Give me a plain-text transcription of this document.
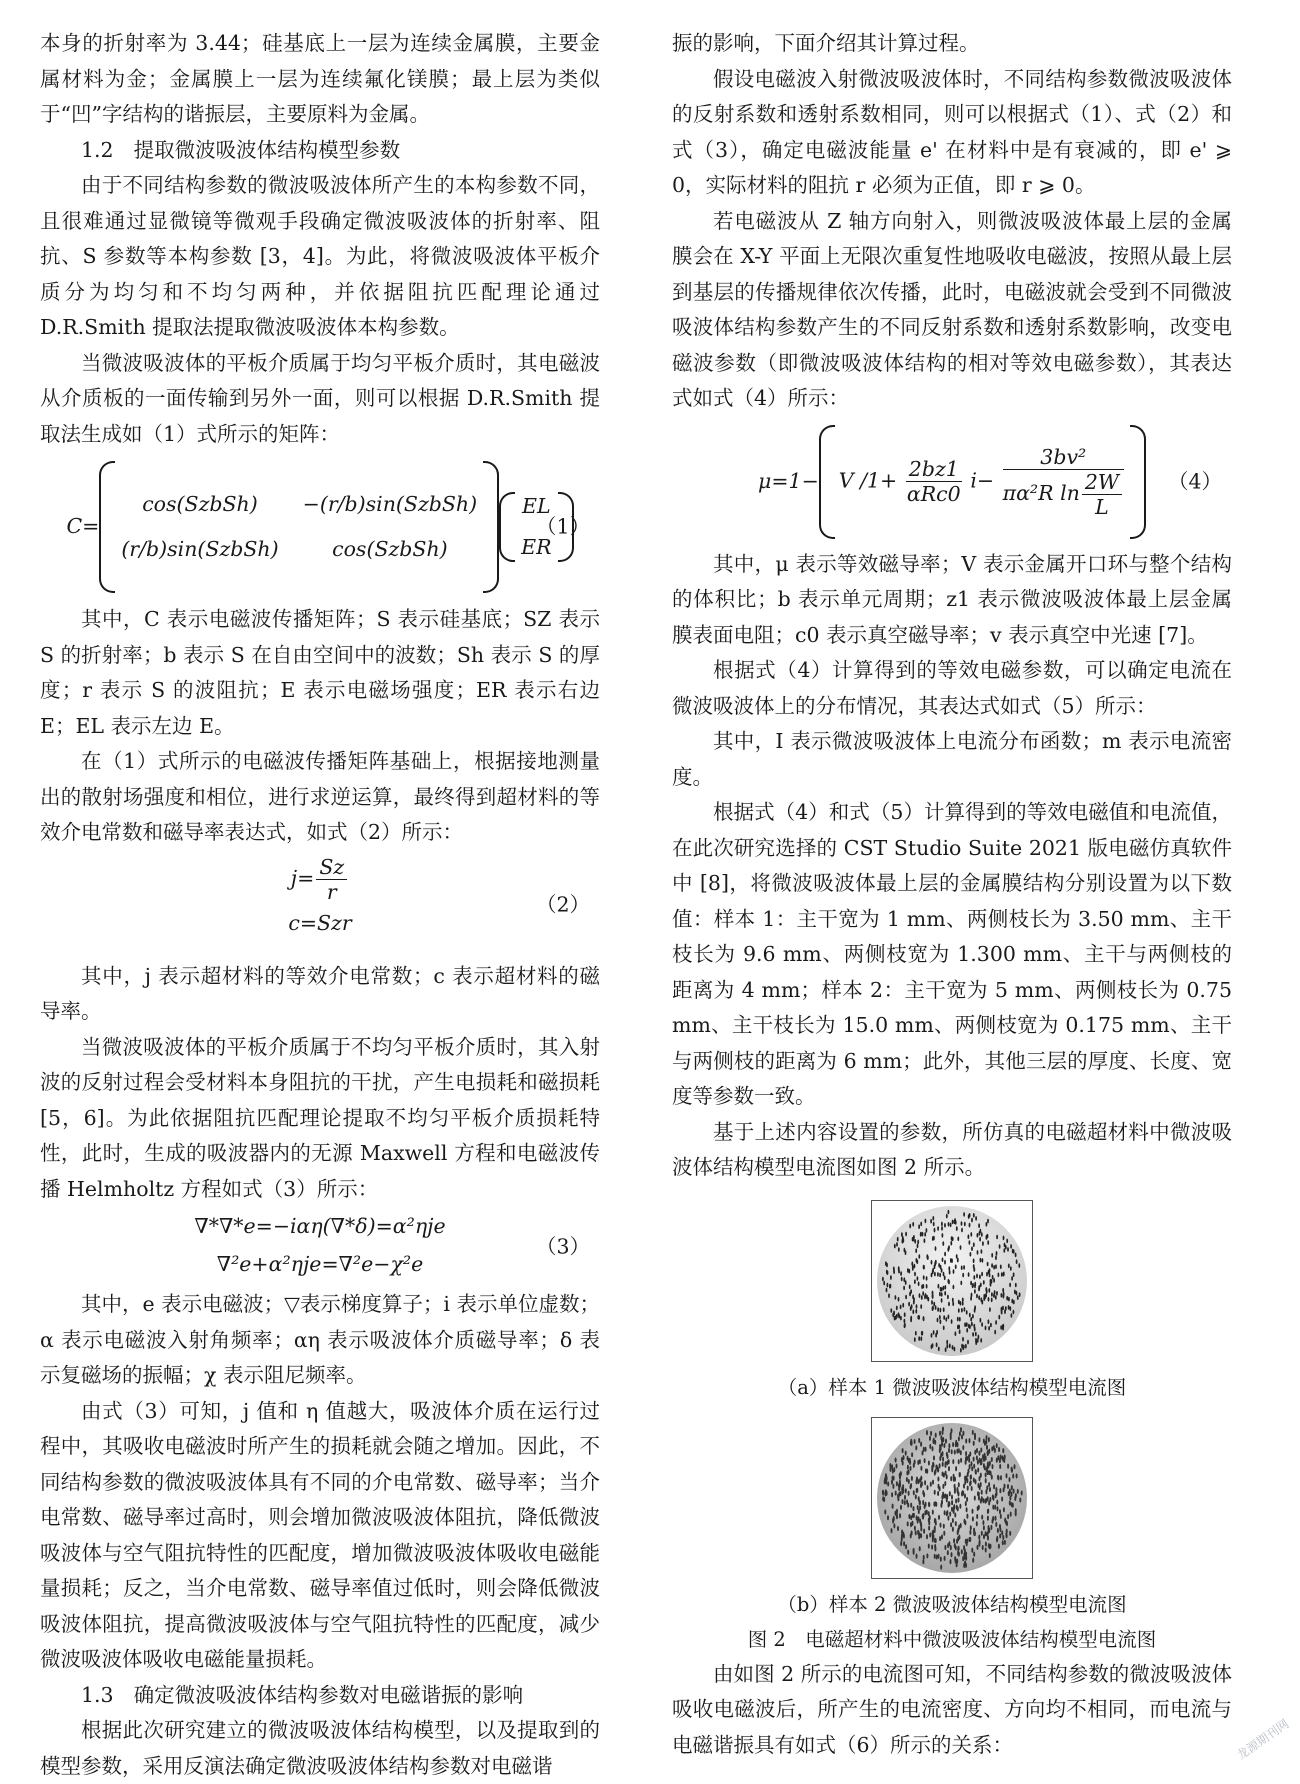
本身的折射率为 3.44；硅基底上一层为连续金属膜，主要金属材料为金；金属膜上一层为连续氟化镁膜；最上层为类似于“凹”字结构的谐振层，主要原料为金属。

1.2 提取微波吸波体结构模型参数

由于不同结构参数的微波吸波体所产生的本构参数不同，且很难通过显微镜等微观手段确定微波吸波体的折射率、阻抗、S 参数等本构参数 [3，4]。为此，将微波吸波体平板介质分为均匀和不均匀两种，并依据阻抗匹配理论通过 D.R.Smith 提取法提取微波吸波体本构参数。

当微波吸波体的平板介质属于均匀平板介质时，其电磁波从介质板的一面传输到另外一面，则可以根据 D.R.Smith 提取法生成如（1）式所示的矩阵：

C=
cos(SzbSh)	−(r/b)sin(SzbSh)
(r/b)sin(SzbSh)	cos(SzbSh)
EL
ER
（1）

其中，C 表示电磁波传播矩阵；S 表示硅基底；SZ 表示 S 的折射率；b 表示 S 在自由空间中的波数；Sh 表示 S 的厚度；r 表示 S 的波阻抗；E 表示电磁场强度；ER 表示右边 E；EL 表示左边 E。

在（1）式所示的电磁波传播矩阵基础上，根据接地测量出的散射场强度和相位，进行求逆运算，最终得到超材料的等效介电常数和磁导率表达式，如式（2）所示：

$j= \frac{Sz}{r}$
c=Szr
（2）

其中，j 表示超材料的等效介电常数；c 表示超材料的磁导率。

当微波吸波体的平板介质属于不均匀平板介质时，其入射波的反射过程会受材料本身阻抗的干扰，产生电损耗和磁损耗 [5，6]。为此依据阻抗匹配理论提取不均匀平板介质损耗特性，此时，生成的吸波器内的无源 Maxwell 方程和电磁波传播 Helmholtz 方程如式（3）所示：

∇*∇*e=−iαη(∇*δ)=α²ηje
∇²e+α²ηje=∇²e−χ²e
（3）

其中，e 表示电磁波；▽表示梯度算子；i 表示单位虚数；α 表示电磁波入射角频率；αη 表示吸波体介质磁导率；δ 表示复磁场的振幅；χ 表示阻尼频率。

由式（3）可知，j 值和 η 值越大，吸波体介质在运行过程中，其吸收电磁波时所产生的损耗就会随之增加。因此，不同结构参数的微波吸波体具有不同的介电常数、磁导率；当介电常数、磁导率过高时，则会增加微波吸波体阻抗，降低微波吸波体与空气阻抗特性的匹配度，增加微波吸波体吸收电磁能量损耗；反之，当介电常数、磁导率值过低时，则会降低微波吸波体阻抗，提高微波吸波体与空气阻抗特性的匹配度，减少微波吸波体吸收电磁能量损耗。

1.3 确定微波吸波体结构参数对电磁谐振的影响

根据此次研究建立的微波吸波体结构模型，以及提取到的模型参数，采用反演法确定微波吸波体结构参数对电磁谐

振的影响，下面介绍其计算过程。

假设电磁波入射微波吸波体时，不同结构参数微波吸波体的反射系数和透射系数相同，则可以根据式（1）、式（2）和式（3），确定电磁波能量 e' 在材料中是有衰减的，即 e' ⩾ 0，实际材料的阻抗 r 必须为正值，即 r ⩾ 0。

若电磁波从 Z 轴方向射入，则微波吸波体最上层的金属膜会在 X-Y 平面上无限次重复性地吸收电磁波，按照从最上层到基层的传播规律依次传播，此时，电磁波就会受到不同微波吸波体结构参数产生的不同反射系数和透射系数影响，改变电磁波参数（即微波吸波体结构的相对等效电磁参数），其表达式如式（4）所示：

μ=1− V $/1+ \frac{2bz1}{\text{αRc0}} i- \frac{\text{3bv²}}{\pi\alpha^2R \ln \frac{2W}{L}} (4)$

其中，μ 表示等效磁导率；V 表示金属开口环与整个结构的体积比；b 表示单元周期；z1 表示微波吸波体最上层金属膜表面电阻；c0 表示真空磁导率；v 表示真空中光速 [7]。

根据式（4）计算得到的等效电磁参数，可以确定电流在微波吸波体上的分布情况，其表达式如式（5）所示：

其中，I 表示微波吸波体上电流分布函数；m 表示电流密度。

根据式（4）和式（5）计算得到的等效电磁值和电流值，在此次研究选择的 CST Studio Suite 2021 版电磁仿真软件中 [8]，将微波吸波体最上层的金属膜结构分别设置为以下数值：样本 1：主干宽为 1 mm、两侧枝长为 3.50 mm、主干枝长为 9.6 mm、两侧枝宽为 1.300 mm、主干与两侧枝的距离为 4 mm；样本 2：主干宽为 5 mm、两侧枝长为 0.75 mm、主干枝长为 15.0 mm、两侧枝宽为 0.175 mm、主干与两侧枝的距离为 6 mm；此外，其他三层的厚度、长度、宽度等参数一致。

基于上述内容设置的参数，所仿真的电磁超材料中微波吸波体结构模型电流图如图 2 所示。

（a）样本 1 微波吸波体结构模型电流图
（b）样本 2 微波吸波体结构模型电流图
图 2　电磁超材料中微波吸波体结构模型电流图

由如图 2 所示的电流图可知，不同结构参数的微波吸波体吸收电磁波后，所产生的电流密度、方向均不相同，而电流与电磁谐振具有如式（6）所示的关系：	龙源期刊网
